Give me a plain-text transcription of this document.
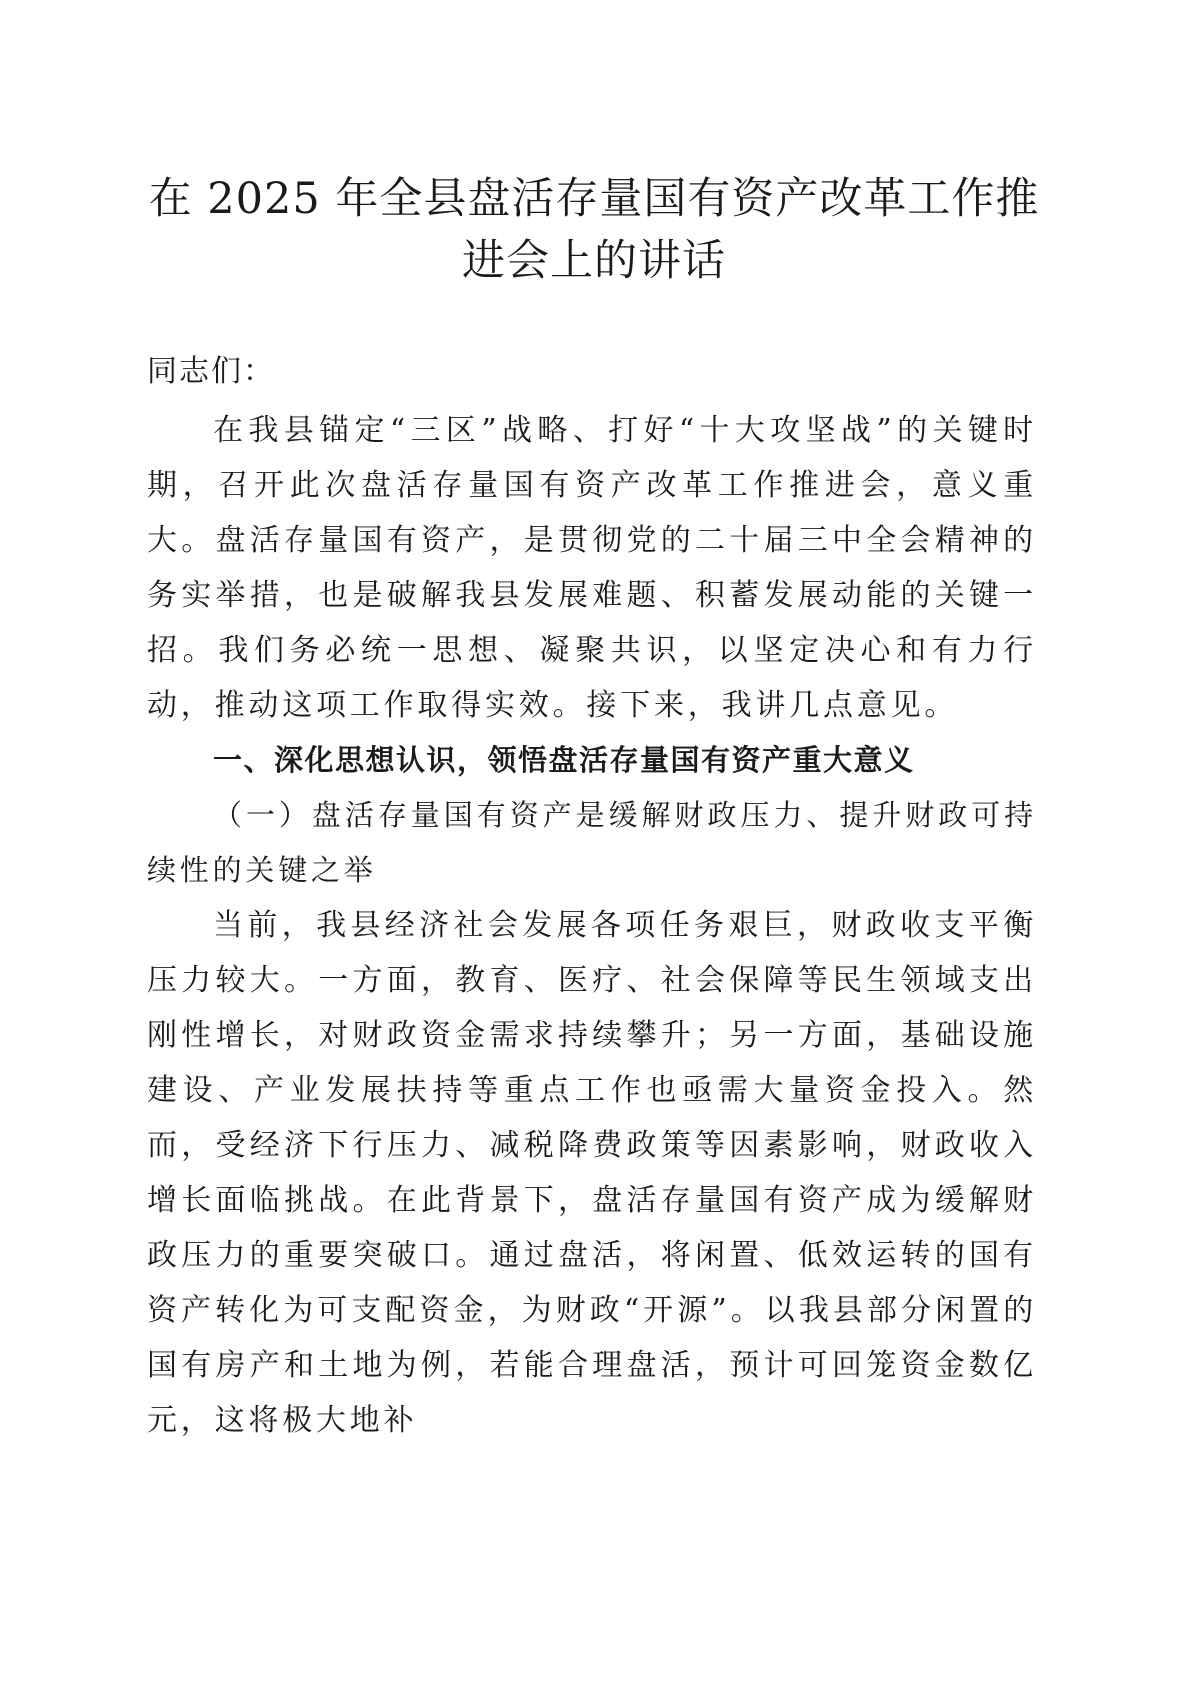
在 2025 年全县盘活存量国有资产改革工作推进会上的讲话

同志们：

在我县锚定“三区”战略、打好“十大攻坚战”的关键时期，召开此次盘活存量国有资产改革工作推进会，意义重大。盘活存量国有资产，是贯彻党的二十届三中全会精神的务实举措，也是破解我县发展难题、积蓄发展动能的关键一招。我们务必统一思想、凝聚共识，以坚定决心和有力行动，推动这项工作取得实效。接下来，我讲几点意见。

一、深化思想认识，领悟盘活存量国有资产重大意义

（一）盘活存量国有资产是缓解财政压力、提升财政可持续性的关键之举

当前，我县经济社会发展各项任务艰巨，财政收支平衡压力较大。一方面，教育、医疗、社会保障等民生领域支出刚性增长，对财政资金需求持续攀升；另一方面，基础设施建设、产业发展扶持等重点工作也亟需大量资金投入。然而，受经济下行压力、减税降费政策等因素影响，财政收入增长面临挑战。在此背景下，盘活存量国有资产成为缓解财政压力的重要突破口。通过盘活，将闲置、低效运转的国有资产转化为可支配资金，为财政“开源”。以我县部分闲置的国有房产和土地为例，若能合理盘活，预计可回笼资金数亿元，这将极大地补
